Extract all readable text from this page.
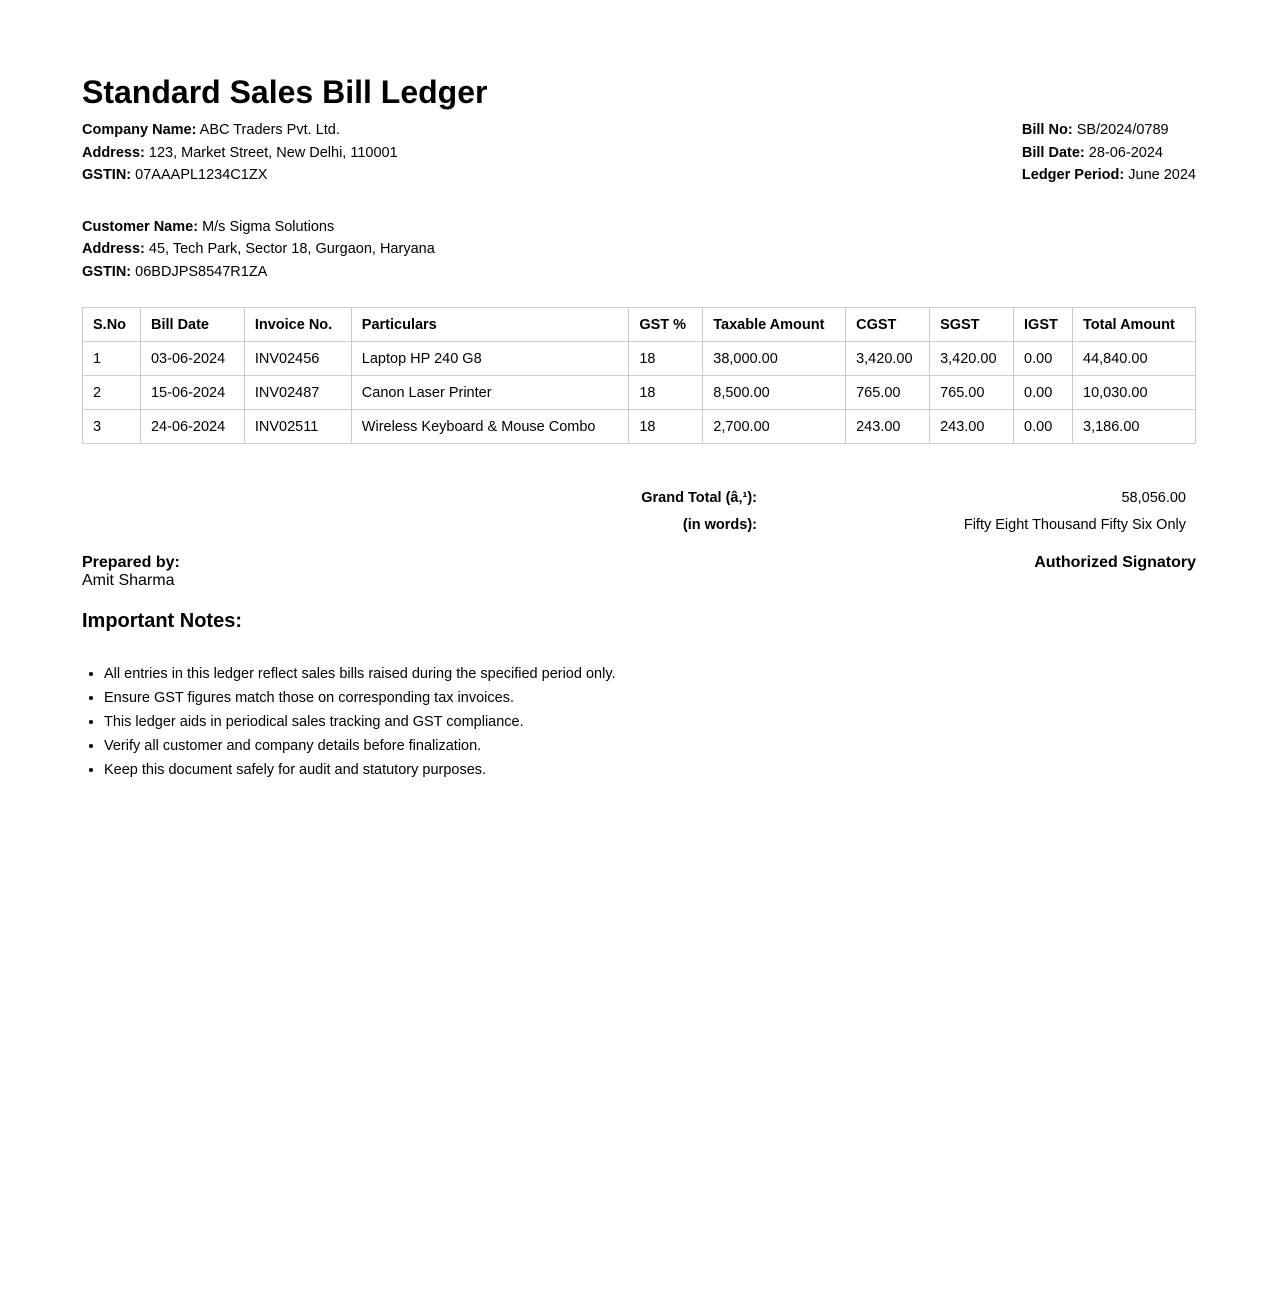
Standard Sales Bill Ledger
Company Name: ABC Traders Pvt. Ltd.
Address: 123, Market Street, New Delhi, 110001
GSTIN: 07AAAPL1234C1ZX
Bill No: SB/2024/0789
Bill Date: 28-06-2024
Ledger Period: June 2024
Customer Name: M/s Sigma Solutions
Address: 45, Tech Park, Sector 18, Gurgaon, Haryana
GSTIN: 06BDJPS8547R1ZA
S.No	Bill Date	Invoice No.	Particulars	GST %	Taxable Amount	CGST	SGST	IGST	Total Amount
1	03-06-2024	INV02456	Laptop HP 240 G8	18	38,000.00	3,420.00	3,420.00	0.00	44,840.00
2	15-06-2024	INV02487	Canon Laser Printer	18	8,500.00	765.00	765.00	0.00	10,030.00
3	24-06-2024	INV02511	Wireless Keyboard & Mouse Combo	18	2,700.00	243.00	243.00	0.00	3,186.00
Grand Total (â‚¹):	58,056.00
(in words):	Fifty Eight Thousand Fifty Six Only
Prepared by:
Amit Sharma
Authorized Signatory
Important Notes:
• All entries in this ledger reflect sales bills raised during the specified period only.
• Ensure GST figures match those on corresponding tax invoices.
• This ledger aids in periodical sales tracking and GST compliance.
• Verify all customer and company details before finalization.
• Keep this document safely for audit and statutory purposes.
